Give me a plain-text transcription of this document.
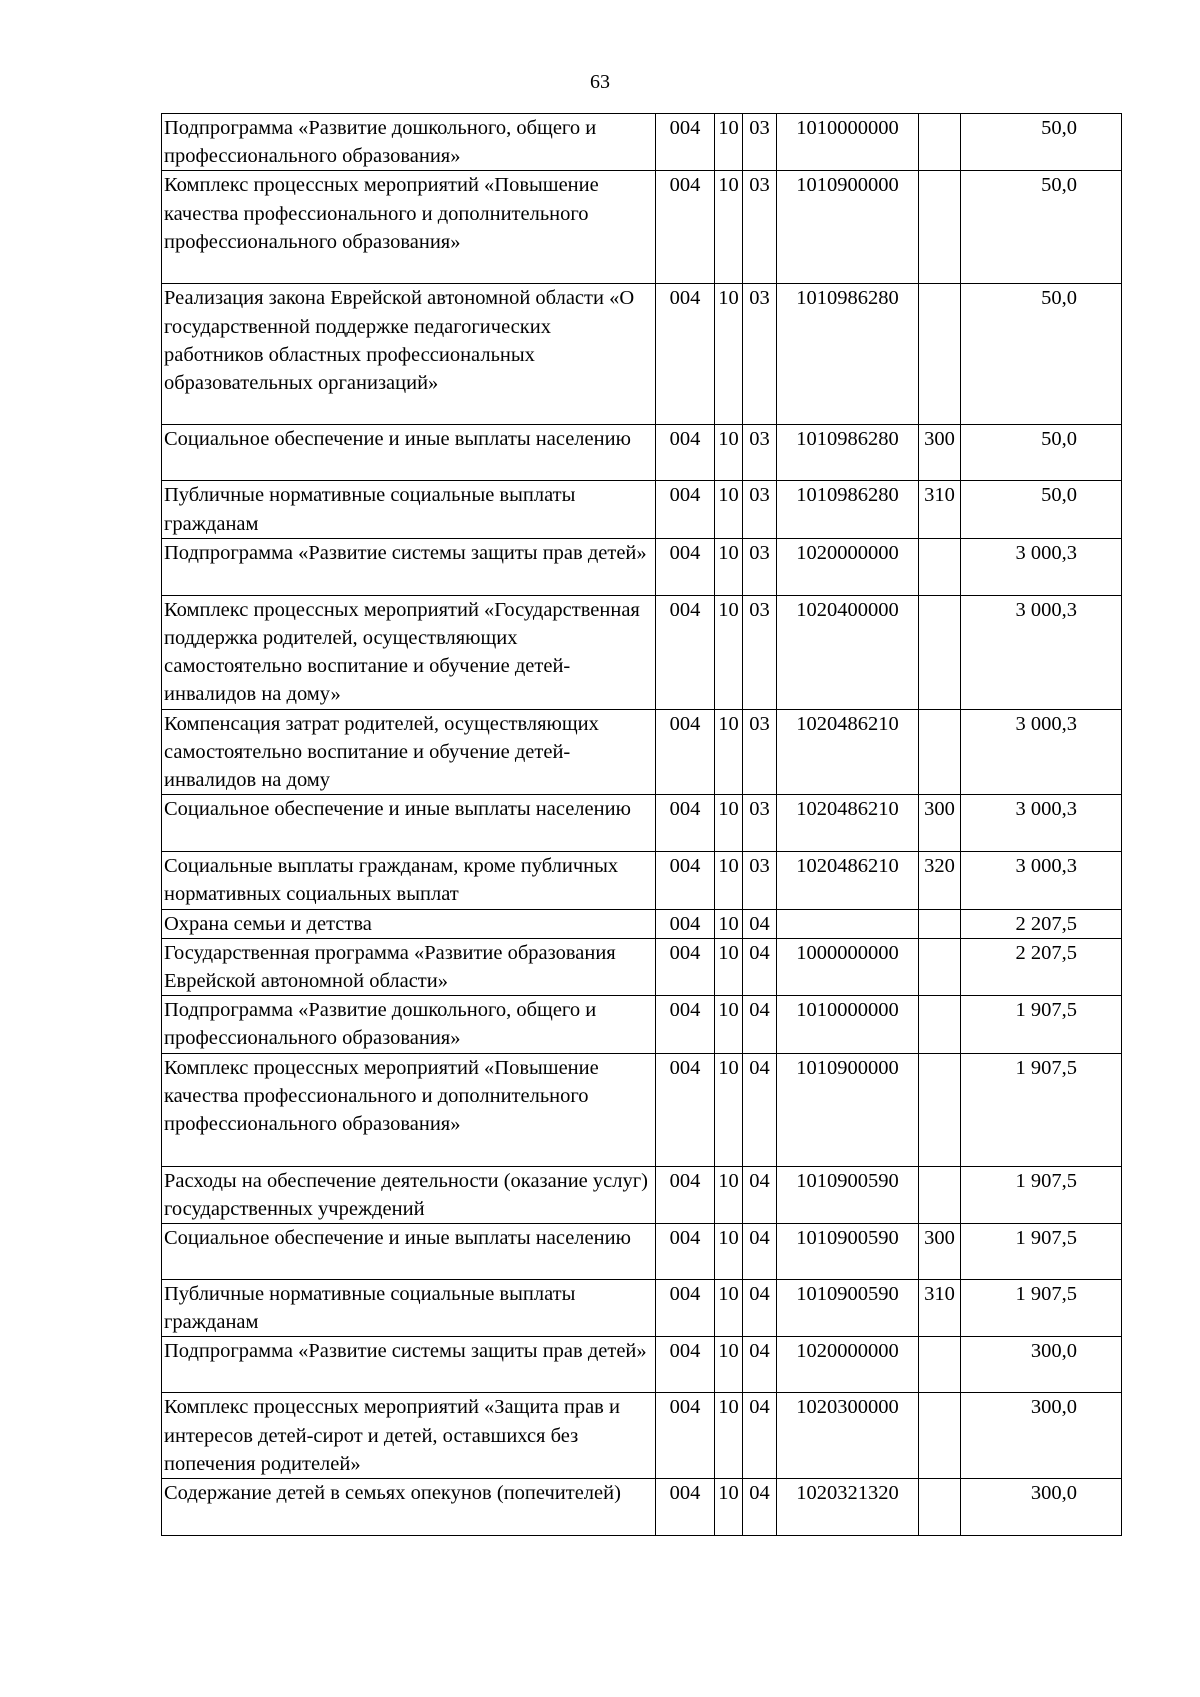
63
Подпрограмма «Развитие дошкольного, общего и профессионального образования»	004	10	03	1010000000		50,0
Комплекс процессных мероприятий «Повышение качества профессионального и дополнительного профессионального образования»	004	10	03	1010900000		50,0
Реализация закона Еврейской автономной области «О государственной поддержке педагогических работников областных профессиональных образовательных организаций»	004	10	03	1010986280		50,0
Социальное обеспечение и иные выплаты населению	004	10	03	1010986280	300	50,0
Публичные нормативные социальные выплаты гражданам	004	10	03	1010986280	310	50,0
Подпрограмма «Развитие системы защиты прав детей»	004	10	03	1020000000		3 000,3
Комплекс процессных мероприятий «Государственная поддержка родителей, осуществляющих самостоятельно воспитание и обучение детей-инвалидов на дому»	004	10	03	1020400000		3 000,3
Компенсация затрат родителей, осуществляющих самостоятельно воспитание и обучение детей-инвалидов на дому	004	10	03	1020486210		3 000,3
Социальное обеспечение и иные выплаты населению	004	10	03	1020486210	300	3 000,3
Социальные выплаты гражданам, кроме публичных нормативных социальных выплат	004	10	03	1020486210	320	3 000,3
Охрана семьи и детства	004	10	04			2 207,5
Государственная программа «Развитие образования Еврейской автономной области»	004	10	04	1000000000		2 207,5
Подпрограмма «Развитие дошкольного, общего и профессионального образования»	004	10	04	1010000000		1 907,5
Комплекс процессных мероприятий «Повышение качества профессионального и дополнительного профессионального образования»	004	10	04	1010900000		1 907,5
Расходы на обеспечение деятельности (оказание услуг) государственных учреждений	004	10	04	1010900590		1 907,5
Социальное обеспечение и иные выплаты населению	004	10	04	1010900590	300	1 907,5
Публичные нормативные социальные выплаты гражданам	004	10	04	1010900590	310	1 907,5
Подпрограмма «Развитие системы защиты прав детей»	004	10	04	1020000000		300,0
Комплекс процессных мероприятий «Защита прав и интересов детей-сирот и детей, оставшихся без попечения родителей»	004	10	04	1020300000		300,0
Содержание детей в семьях опекунов (попечителей)	004	10	04	1020321320		300,0
